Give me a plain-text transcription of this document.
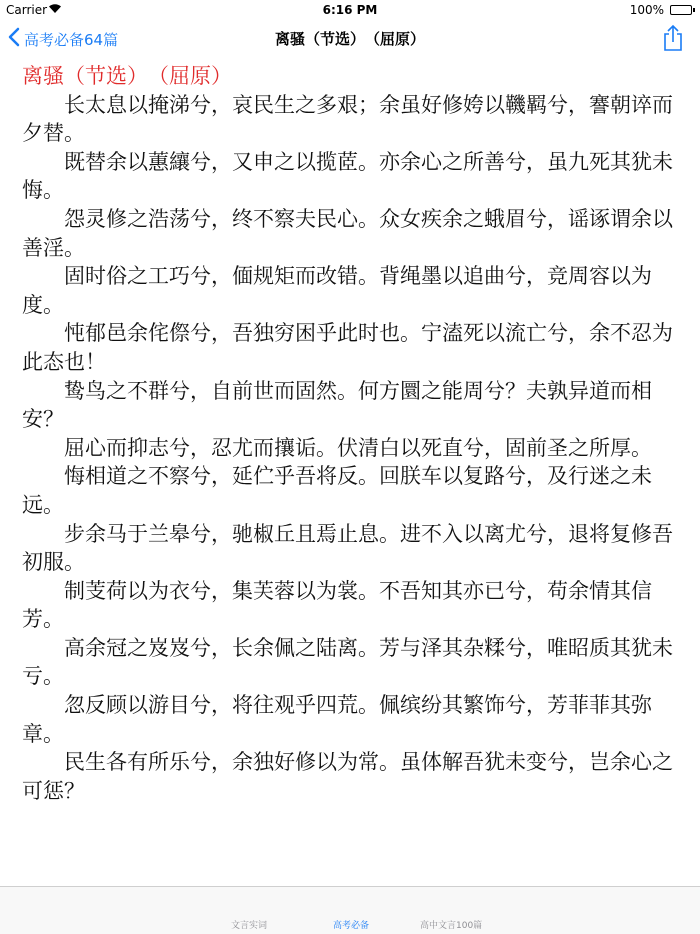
Carrier	6:16 PM	100%
高考必备64篇	离骚（节选）　（屈原）
离骚（节选）　（屈原）

长太息以掩涕兮，哀民生之多艰；余虽好修姱以鞿羁兮，謇朝谇而夕替。

既替余以蕙纕兮，又申之以揽茝。亦余心之所善兮，虽九死其犹未悔。

怨灵修之浩荡兮，终不察夫民心。众女疾余之蛾眉兮，谣诼谓余以善淫。

固时俗之工巧兮，偭规矩而改错。背绳墨以追曲兮，竞周容以为度。

忳郁邑余侘傺兮，吾独穷困乎此时也。宁溘死以流亡兮，余不忍为此态也！

鸷鸟之不群兮，自前世而固然。何方圜之能周兮？夫孰异道而相安？

屈心而抑志兮，忍尤而攘诟。伏清白以死直兮，固前圣之所厚。

悔相道之不察兮，延伫乎吾将反。回朕车以复路兮，及行迷之未远。

步余马于兰皋兮，驰椒丘且焉止息。进不入以离尤兮，退将复修吾初服。

制芰荷以为衣兮，集芙蓉以为裳。不吾知其亦已兮，苟余情其信芳。

高余冠之岌岌兮，长余佩之陆离。芳与泽其杂糅兮，唯昭质其犹未亏。

忽反顾以游目兮，将往观乎四荒。佩缤纷其繁饰兮，芳菲菲其弥章。

民生各有所乐兮，余独好修以为常。虽体解吾犹未变兮，岂余心之可惩？

文言实词	高考必备	高中文言100篇
